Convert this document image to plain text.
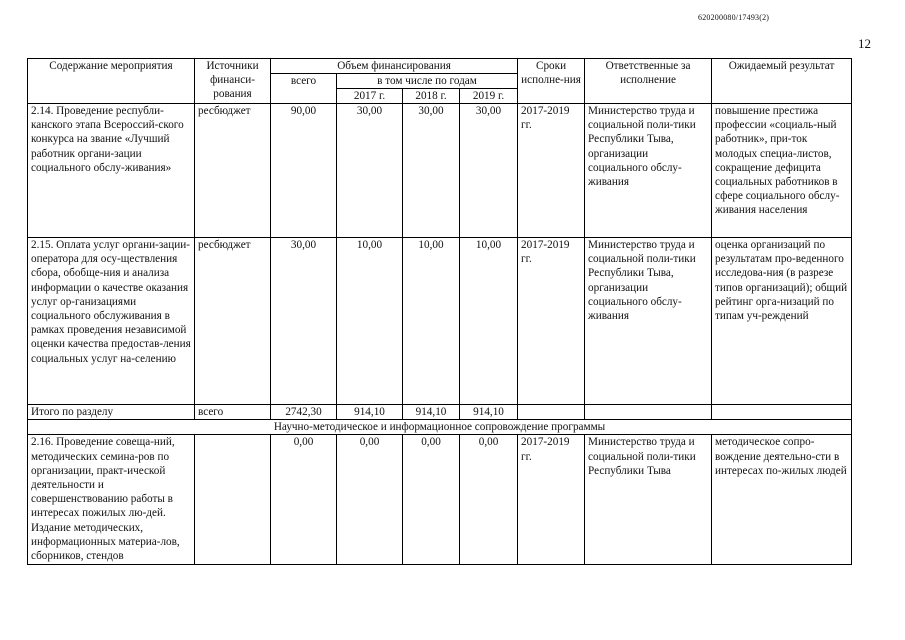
620200080/17493(2)
12
Содержание мероприятия	Источники финанси-рования	Объем финансирования				Сроки исполне-ния	Ответственные за исполнение	Ожидаемый результат
		всего	в том числе по годам					
			2017 г.	2018 г.	2019 г.			
2.14. Проведение республи-канского этапа Всероссий-ского конкурса на звание «Лучший работник органи-зации социального обслу-живания»	ресбюджет	90,00	30,00	30,00	30,00	2017-2019 гг.	Министерство труда и социальной поли-тики Республики Тыва, организации социального обслу-живания	повышение престижа профессии «социаль-ный работник», при-ток молодых специа-листов, сокращение дефицита социальных работников в сфере социального обслу-живания населения
2.15. Оплата услуг органи-зации- оператора для осу-ществления сбора, обобще-ния и анализа информации о качестве оказания услуг ор-ганизациями социального обслуживания в рамках проведения независимой оценки качества предостав-ления социальных услуг на-селению	ресбюджет	30,00	10,00	10,00	10,00	2017-2019 гг.	Министерство труда и социальной поли-тики Республики Тыва, организации социального обслу-живания	оценка организаций по результатам про-веденного исследова-ния (в разрезе типов организаций); общий рейтинг орга-низаций по типам уч-реждений
Итого по разделу	всего	2742,30	914,10	914,10	914,10			
Научно-методическое и информационное сопровождение программы								
2.16. Проведение совеща-ний, методических семина-ров по организации, практ-ической деятельности и совершенствованию работы в интересах пожилых лю-дей. Издание методических, информационных материа-лов, сборников, стендов		0,00	0,00	0,00	0,00	2017-2019 гг.	Министерство труда и социальной поли-тики Республики Тыва	методическое сопро-вождение деятельно-сти в интересах по-жилых людей
